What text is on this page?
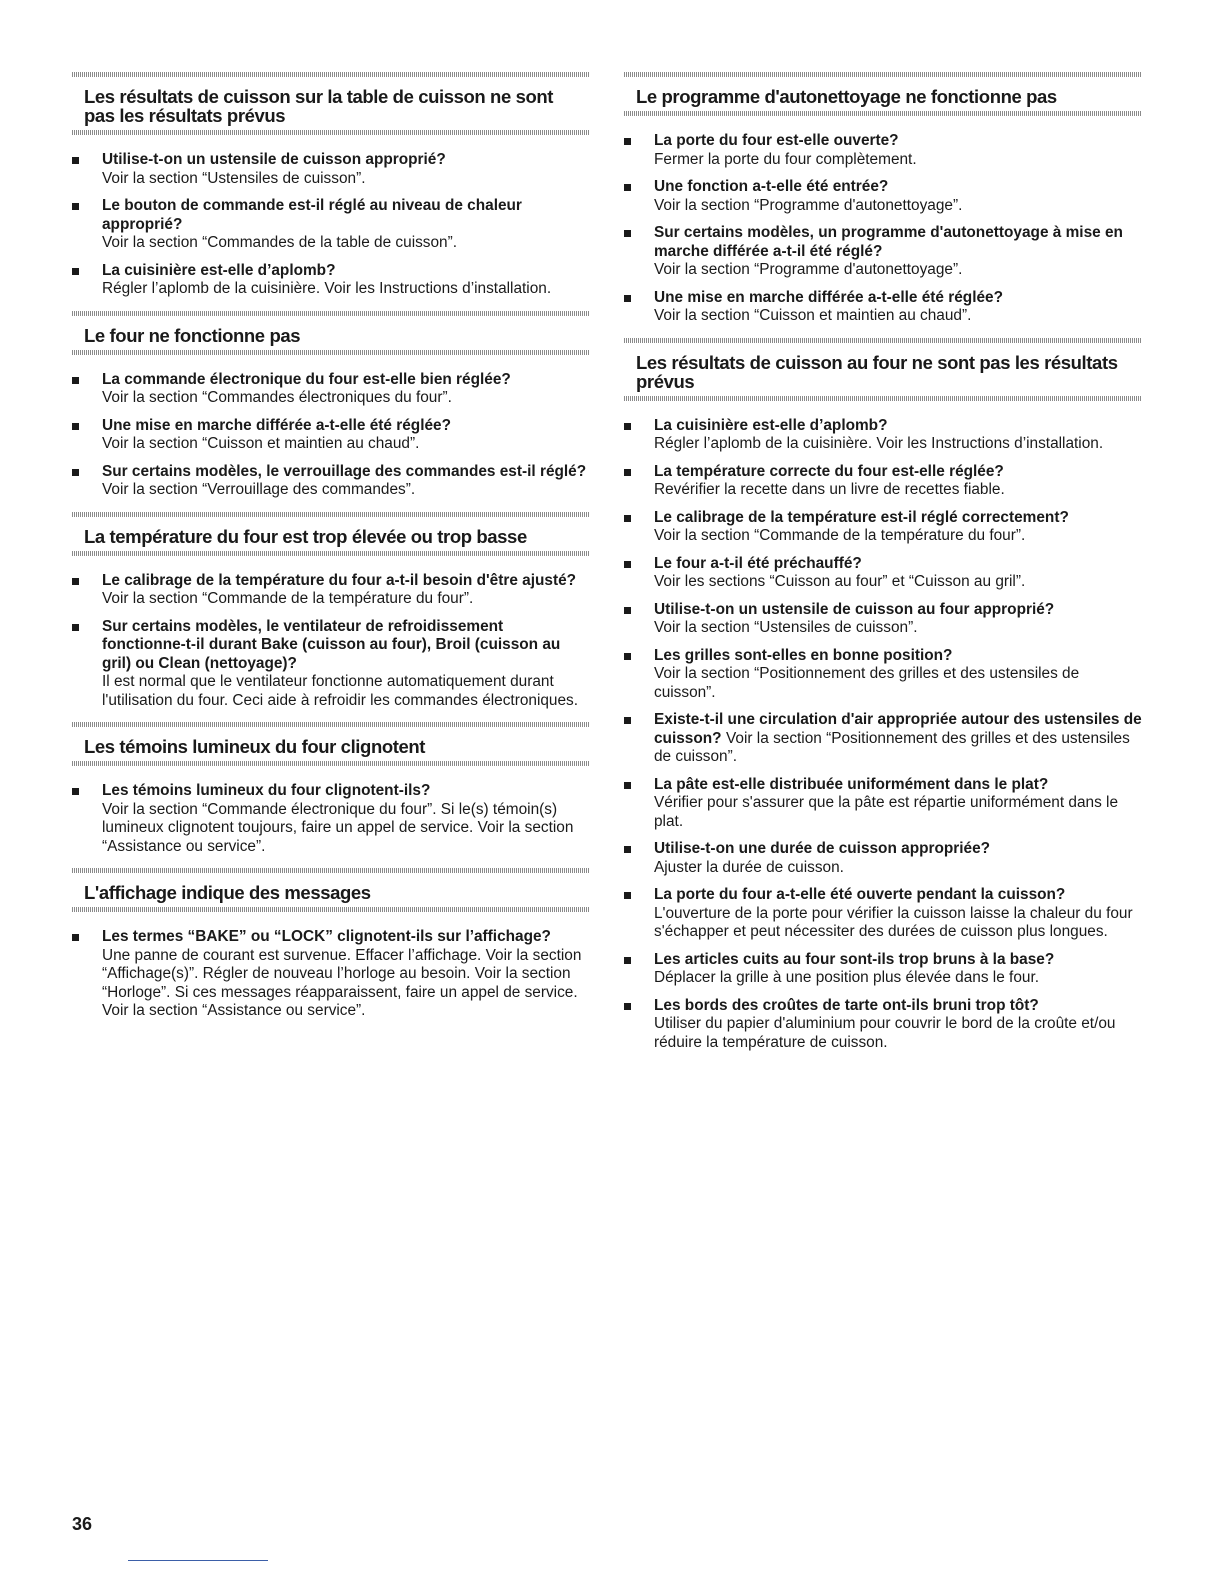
Les résultats de cuisson sur la table de cuisson ne sont pas les résultats prévus
Utilise-t-on un ustensile de cuisson approprié?
Voir la section “Ustensiles de cuisson”.
Le bouton de commande est-il réglé au niveau de chaleur approprié?
Voir la section “Commandes de la table de cuisson”.
La cuisinière est-elle d’aplomb?
Régler l’aplomb de la cuisinière. Voir les Instructions d’installation.
Le four ne fonctionne pas
La commande électronique du four est-elle bien réglée?
Voir la section “Commandes électroniques du four”.
Une mise en marche différée a-t-elle été réglée?
Voir la section “Cuisson et maintien au chaud”.
Sur certains modèles, le verrouillage des commandes est-il réglé?
Voir la section “Verrouillage des commandes”.
La température du four est trop élevée ou trop basse
Le calibrage de la température du four a-t-il besoin d'être ajusté?
Voir la section “Commande de la température du four”.
Sur certains modèles, le ventilateur de refroidissement fonctionne-t-il durant Bake (cuisson au four), Broil (cuisson au gril) ou Clean (nettoyage)?
Il est normal que le ventilateur fonctionne automatiquement durant l'utilisation du four. Ceci aide à refroidir les commandes électroniques.
Les témoins lumineux du four clignotent
Les témoins lumineux du four clignotent-ils?
Voir la section “Commande électronique du four”. Si le(s) témoin(s) lumineux clignotent toujours, faire un appel de service. Voir la section “Assistance ou service”.
L'affichage indique des messages
Les termes “BAKE” ou “LOCK” clignotent-ils sur l’affichage?
Une panne de courant est survenue. Effacer l’affichage. Voir la section “Affichage(s)”. Régler de nouveau l’horloge au besoin. Voir la section “Horloge”. Si ces messages réapparaissent, faire un appel de service. Voir la section “Assistance ou service”.
Le programme d'autonettoyage ne fonctionne pas
La porte du four est-elle ouverte?
Fermer la porte du four complètement.
Une fonction a-t-elle été entrée?
Voir la section “Programme d'autonettoyage”.
Sur certains modèles, un programme d'autonettoyage à mise en marche différée a-t-il été réglé?
Voir la section “Programme d'autonettoyage”.
Une mise en marche différée a-t-elle été réglée?
Voir la section “Cuisson et maintien au chaud”.
Les résultats de cuisson au four ne sont pas les résultats prévus
La cuisinière est-elle d’aplomb?
Régler l’aplomb de la cuisinière. Voir les Instructions d’installation.
La température correcte du four est-elle réglée?
Revérifier la recette dans un livre de recettes fiable.
Le calibrage de la température est-il réglé correctement?
Voir la section “Commande de la température du four”.
Le four a-t-il été préchauffé?
Voir les sections “Cuisson au four” et “Cuisson au gril”.
Utilise-t-on un ustensile de cuisson au four approprié?
Voir la section “Ustensiles de cuisson”.
Les grilles sont-elles en bonne position?
Voir la section “Positionnement des grilles et des ustensiles de cuisson”.
Existe-t-il une circulation d'air appropriée autour des ustensiles de cuisson? Voir la section “Positionnement des grilles et des ustensiles de cuisson”.
La pâte est-elle distribuée uniformément dans le plat?
Vérifier pour s'assurer que la pâte est répartie uniformément dans le plat.
Utilise-t-on une durée de cuisson appropriée?
Ajuster la durée de cuisson.
La porte du four a-t-elle été ouverte pendant la cuisson?
L'ouverture de la porte pour vérifier la cuisson laisse la chaleur du four s'échapper et peut nécessiter des durées de cuisson plus longues.
Les articles cuits au four sont-ils trop bruns à la base?
Déplacer la grille à une position plus élevée dans le four.
Les bords des croûtes de tarte ont-ils bruni trop tôt?
Utiliser du papier d'aluminium pour couvrir le bord de la croûte et/ou réduire la température de cuisson.
36
